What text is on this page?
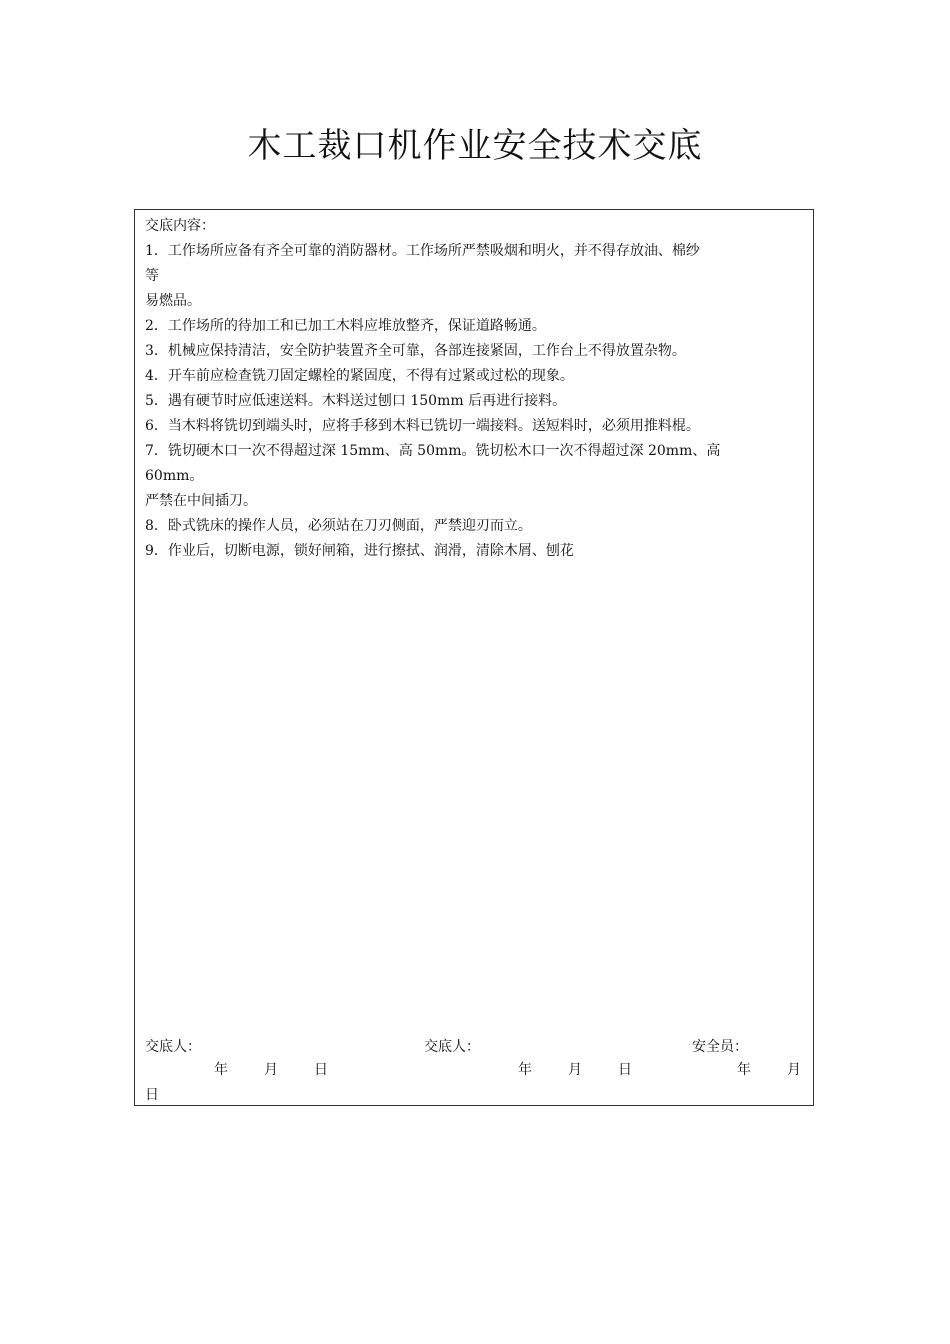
木工裁口机作业安全技术交底
交底内容：
1．工作场所应备有齐全可靠的消防器材。工作场所严禁吸烟和明火，并不得存放油、棉纱
等
易燃品。
2．工作场所的待加工和已加工木料应堆放整齐，保证道路畅通。
3．机械应保持清洁，安全防护装置齐全可靠，各部连接紧固，工作台上不得放置杂物。
4．开车前应检查铣刀固定螺栓的紧固度，不得有过紧或过松的现象。
5．遇有硬节时应低速送料。木料送过刨口 150mm 后再进行接料。
6．当木料将铣切到端头时，应将手移到木料已铣切一端接料。送短料时，必须用推料棍。
7．铣切硬木口一次不得超过深 15mm、高 50mm。铣切松木口一次不得超过深 20mm、高
60mm。
严禁在中间插刀。
8．卧式铣床的操作人员，必须站在刀刃侧面，严禁迎刃而立。
9．作业后，切断电源，锁好闸箱，进行擦拭、润滑，清除木屑、刨花
交底人：	交底人：	安全员：
年	月	日	年	月	日	年	月
日
